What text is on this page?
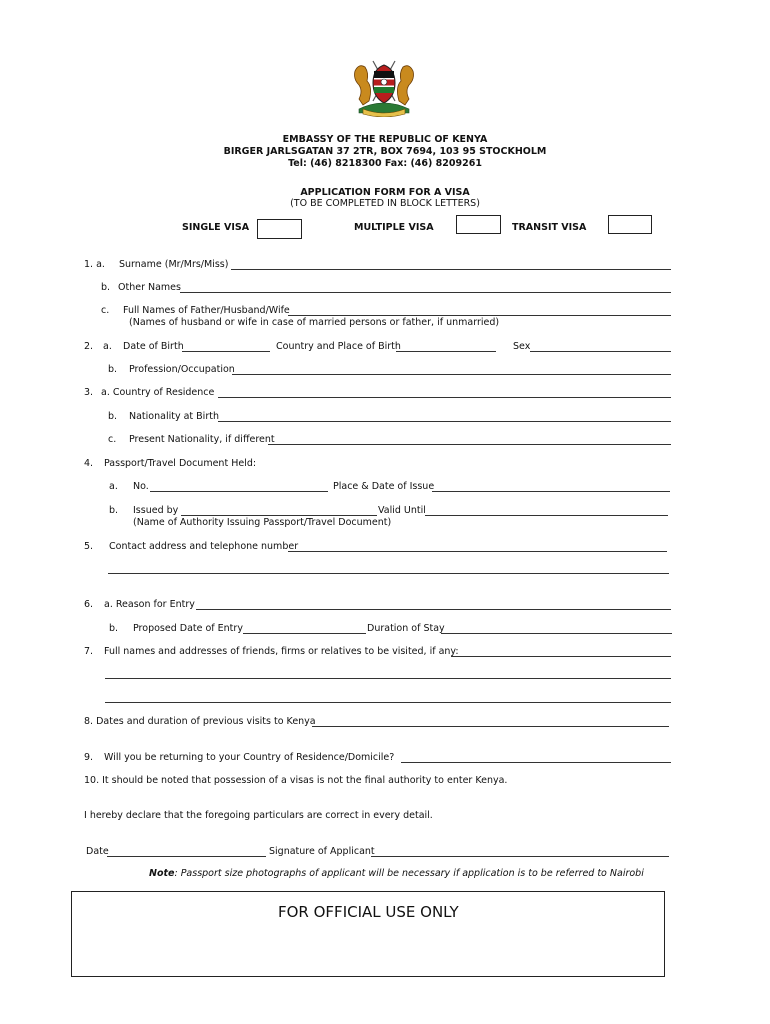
EMBASSY OF THE REPUBLIC OF KENYA
BIRGER JARLSGATAN 37 2TR, BOX 7694, 103 95 STOCKHOLM
Tel: (46) 8218300 Fax: (46) 8209261
APPLICATION FORM FOR A VISA
(TO BE COMPLETED IN BLOCK LETTERS)
SINGLE VISA	MULTIPLE VISA	TRANSIT VISA
1. a. Surname (Mr/Mrs/Miss)
b. Other Names
c. Full Names of Father/Husband/Wife
(Names of husband or wife in case of married persons or father, if unmarried)
2. a. Date of Birth	Country and Place of Birth	Sex
b. Profession/Occupation
3. a. Country of Residence
b. Nationality at Birth
c. Present Nationality, if different
4. Passport/Travel Document Held:
a. No.	Place & Date of Issue
b. Issued by	Valid Until
(Name of Authority Issuing Passport/Travel Document)
5. Contact address and telephone number
6. a. Reason for Entry
b. Proposed Date of Entry	Duration of Stay
7. Full names and addresses of friends, firms or relatives to be visited, if any:
8. Dates and duration of previous visits to Kenya
9. Will you be returning to your Country of Residence/Domicile?
10. It should be noted that possession of a visas is not the final authority to enter Kenya.
I hereby declare that the foregoing particulars are correct in every detail.
Date	Signature of Applicant
Note: Passport size photographs of applicant will be necessary if application is to be referred to Nairobi
FOR OFFICIAL USE ONLY
